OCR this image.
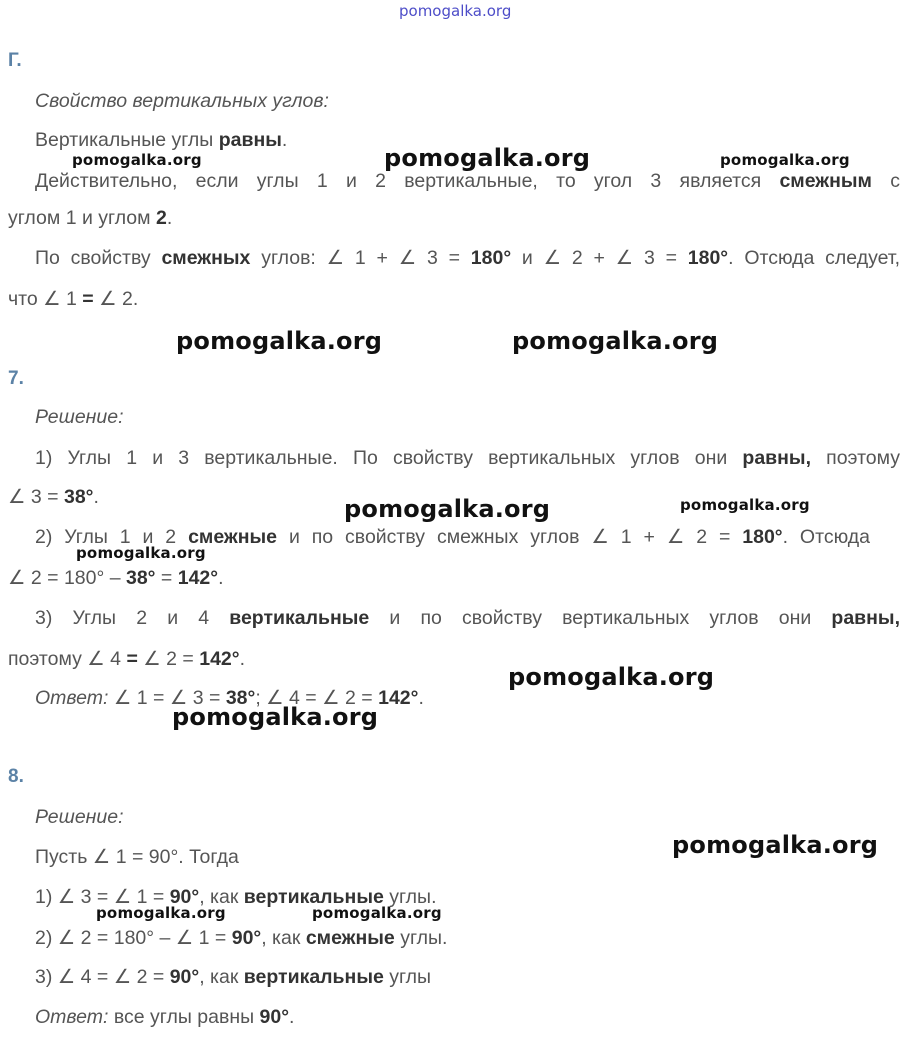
pomogalka.org
Г.
Свойство вертикальных углов:
Вертикальные углы равны.
Действительно, если углы 1 и 2 вертикальные, то угол 3 является смежным с
углом 1 и углом 2.
По свойству смежных углов: ∠ 1 + ∠ 3 = 180° и ∠ 2 + ∠ 3 = 180°. Отсюда следует,
что ∠ 1 = ∠ 2.
7.
Решение:
1) Углы 1 и 3 вертикальные. По свойству вертикальных углов они равны, поэтому
∠ 3 = 38°.
2) Углы 1 и 2 смежные и по свойству смежных углов ∠ 1 + ∠ 2 = 180°. Отсюда
∠ 2 = 180° – 38° = 142°.
3) Углы 2 и 4 вертикальные и по свойству вертикальных углов они равны,
поэтому ∠ 4 = ∠ 2 = 142°.
Ответ: ∠ 1 = ∠ 3 = 38°; ∠ 4 = ∠ 2 = 142°.
8.
Решение:
Пусть ∠ 1 = 90°. Тогда
1) ∠ 3 = ∠ 1 = 90°, как вертикальные углы.
2) ∠ 2 = 180° – ∠ 1 = 90°, как смежные углы.
3) ∠ 4 = ∠ 2 = 90°, как вертикальные углы
Ответ: все углы равны 90°.
pomogalka.org	pomogalka.org	pomogalka.org
pomogalka.org	pomogalka.org
pomogalka.org	pomogalka.org
pomogalka.org
pomogalka.org
pomogalka.org
pomogalka.org
pomogalka.org	pomogalka.org
